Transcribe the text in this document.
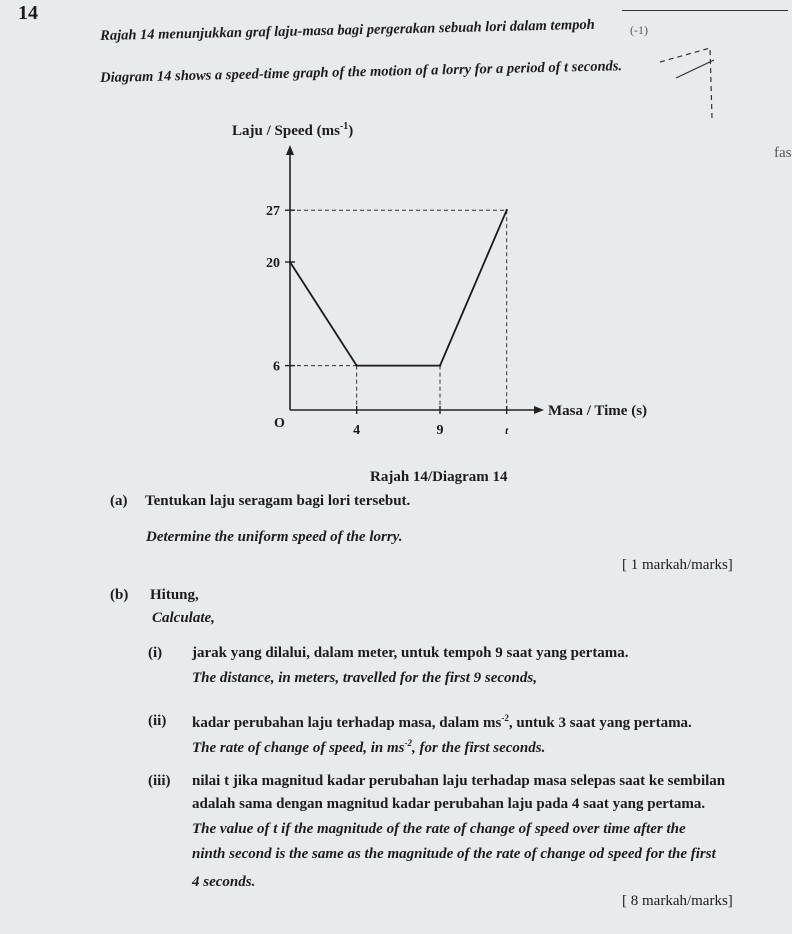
14
(-1)
fas
Rajah 14 menunjukkan graf laju-masa bagi pergerakan sebuah lori dalam tempoh
Diagram 14 shows a speed-time graph of the motion of a lorry for a period of t seconds.
Laju / Speed $(ms^{-1})$
O
6
20
27
4	9	t
Masa / Time (s)
Rajah 14/Diagram 14
(a) Tentukan laju seragam bagi lori tersebut.
Determine the uniform speed of the lorry.
[ 1 markah/marks]
(b) Hitung,
Calculate,
(i) jarak yang dilalui, dalam meter, untuk tempoh 9 saat yang pertama.
The distance, in meters, travelled for the first 9 seconds,
(ii) kadar perubahan laju terhadap masa, dalam $ms^{-2}$, untuk 3 saat yang pertama.
The rate of change of speed, in $ms^{-2}$, for the first seconds.
(iii) nilai t jika magnitud kadar perubahan laju terhadap masa selepas saat ke sembilan
adalah sama dengan magnitud kadar perubahan laju pada 4 saat yang pertama.
The value of t if the magnitude of the rate of change of speed over time after the
ninth second is the same as the magnitude of the rate of change od speed for the first
4 seconds.
[ 8 markah/marks]
